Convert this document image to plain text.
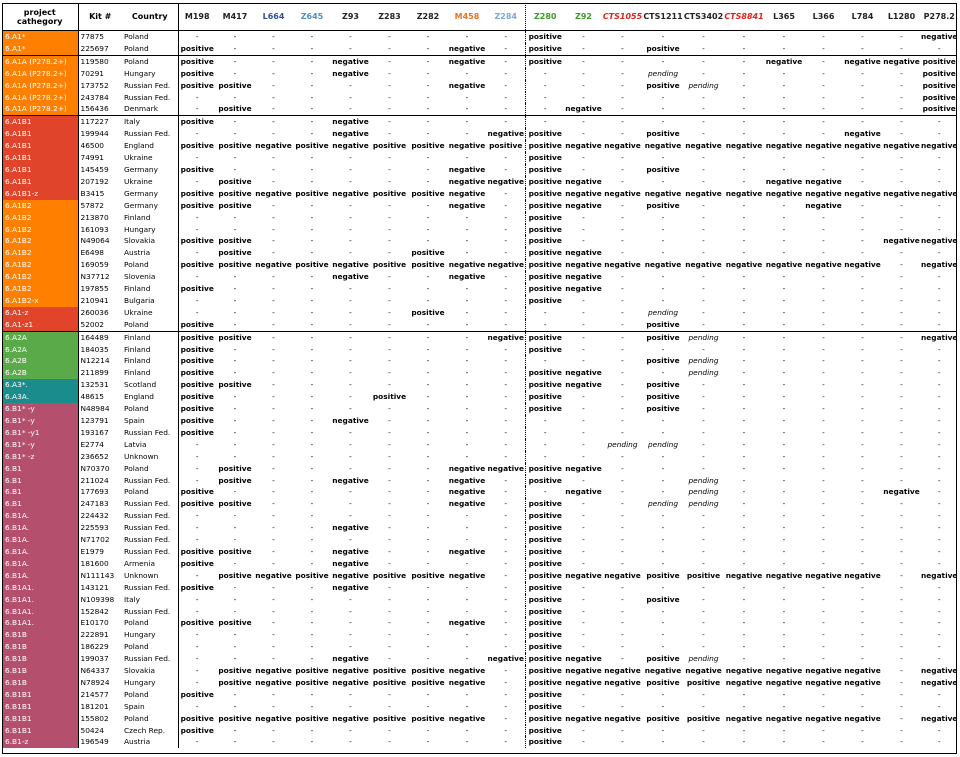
project cathegory	Kit #	Country	M198	M417	L664	Z645	Z93	Z283	Z282	M458	Z284	Z280	Z92	CTS1055	CTS1211	CTS3402	CTS8841	L365	L366	L784	L1280	P278.2
6.A1*	77875	Poland	-	-	-	-	-	-	-	-	-	positive	-	-	-	-	-	-	-	-	-	negative
6.A1*	225697	Poland	positive	-	-	-	-	-	-	negative	-	positive	-	-	positive	-	-	-	-	-	-	-
6.A1A (P278.2+)	119580	Poland	positive	-	-	-	negative	-	-	negative	-	positive	-	-	-	-	-	negative	-	negative	negative	positive
6.A1A (P278.2+)	70291	Hungary	positive	-	-	-	negative	-	-	-	-	-	-	-	pending	-	-	-	-	-	-	positive
6.A1A (P278.2+)	173752	Russian Fed.	positive	positive	-	-	-	-	-	negative	-	-	-	-	positive	pending	-	-	-	-	-	positive
6.A1A (P278.2+)	243784	Russian Fed.	-	-	-	-	-	-	-	-	-	-	-	-	-	-	-	-	-	-	-	positive
6.A1A (P278.2+)	156436	Denmark	-	positive	-	-	-	-	-	-	-	-	negative	-	-	-	-	-	-	-	-	positive
6.A1B1	117227	Italy	positive	-	-	-	negative	-	-	-	-	-	-	-	-	-	-	-	-	-	-	-
6.A1B1	199944	Russian Fed.	-	-	-	-	negative	-	-	-	negative	positive	-	-	positive	-	-	-	-	negative	-	-
6.A1B1	46500	England	positive	positive	negative	positive	negative	positive	positive	negative	positive	positive	negative	negative	negative	negative	negative	negative	negative	negative	negative	negative
6.A1B1	74991	Ukraine	-	-	-	-	-	-	-	-	-	positive	-	-	-	-	-	-	-	-	-	-
6.A1B1	145459	Germany	positive	-	-	-	-	-	-	negative	-	positive	-	-	positive	-	-	-	-	-	-	-
6.A1B1	207192	Ukraine	-	positive	-	-	-	-	-	negative	negative	positive	negative	-	-	-	-	negative	negative	-	-	-
6.A1B1-z	B3415	Germany	positive	positive	negative	positive	negative	positive	positive	negative	-	positive	negative	negative	negative	negative	negative	negative	negative	negative	negative	negative
6.A1B2	57872	Germany	positive	positive	-	-	-	-	-	negative	-	positive	negative	-	positive	-	-	-	negative	-	-	-
6.A1B2	213870	Finland	-	-	-	-	-	-	-	-	-	positive	-	-	-	-	-	-	-	-	-	-
6.A1B2	161093	Hungary	-	-	-	-	-	-	-	-	-	positive	-	-	-	-	-	-	-	-	-	-
6.A1B2	N49064	Slovakia	positive	positive	-	-	-	-	-	-	-	positive	-	-	-	-	-	-	-	-	negative	negative
6.A1B2	E6498	Austria	-	positive	-	-	-	-	positive	-	-	positive	negative	-	-	-	-	-	-	-	-	-
6.A1B2	169059	Poland	positive	positive	negative	positive	negative	positive	positive	negative	negative	positive	negative	negative	negative	negative	negative	negative	negative	negative	-	negative
6.A1B2	N37712	Slovenia	-	-	-	-	negative	-	-	negative	-	positive	negative	-	-	-	-	-	-	-	-	-
6.A1B2	197855	Finland	positive	-	-	-	-	-	-	-	-	positive	negative	-	-	-	-	-	-	-	-	-
6.A1B2-x	210941	Bulgaria	-	-	-	-	-	-	-	-	-	positive	-	-	-	-	-	-	-	-	-	-
6.A1-z	260036	Ukraine	-	-	-	-	-	-	positive	-	-	-	-	-	pending	-	-	-	-	-	-	-
6.A1-z1	52002	Poland	positive	-	-	-	-	-	-	-	-	-	-	-	positive	-	-	-	-	-	-	-
6.A2A	164489	Finland	positive	positive	-	-	-	-	-	-	negative	positive	-	-	positive	pending	-	-	-	-	-	negative
6.A2A	184035	Finland	positive	-	-	-	-	-	-	-	-	positive	-	-	-	-	-	-	-	-	-	-
6.A2B	N12214	Finland	positive	-	-	-	-	-	-	-	-	-	-	-	positive	pending	-	-	-	-	-	-
6.A2B	211899	Finland	positive	-	-	-	-	-	-	-	-	positive	negative	-	-	pending	-	-	-	-	-	-
6.A3*.	132531	Scotland	positive	positive	-	-	-	-	-	-	-	positive	negative	-	positive	-	-	-	-	-	-	-
6.A3A.	48615	England	positive	-	-	-	-	positive	-	-	-	positive	-	-	positive	-	-	-	-	-	-	-
6.B1* -y	N48984	Poland	positive	-	-	-	-	-	-	-	-	positive	-	-	positive	-	-	-	-	-	-	-
6.B1* -y	123791	Spain	positive	-	-	-	negative	-	-	-	-	-	-	-	-	-	-	-	-	-	-	-
6.B1* -y1	193167	Russian Fed.	positive	-	-	-	-	-	-	-	-	-	-	-	-	-	-	-	-	-	-	-
6.B1* -y	E2774	Latvia	-	-	-	-	-	-	-	-	-	-	-	pending	pending	-	-	-	-	-	-	-
6.B1* -z	236652	Unknown	-	-	-	-	-	-	-	-	-	-	-	-	-	-	-	-	-	-	-	-
6.B1	N70370	Poland	-	positive	-	-	-	-	-	negative	negative	positive	negative	-	-	-	-	-	-	-	-	-
6.B1	211024	Russian Fed.	-	positive	-	-	negative	-	-	negative	-	positive	-	-	-	pending	-	-	-	-	-	-
6.B1	177693	Poland	positive	-	-	-	-	-	-	negative	-	-	negative	-	-	pending	-	-	-	-	negative	-
6.B1	247183	Russian Fed.	positive	positive	-	-	-	-	-	negative	-	positive	-	-	pending	pending	-	-	-	-	-	-
6.B1A.	224432	Russian Fed.	-	-	-	-	-	-	-	-	-	positive	-	-	-	-	-	-	-	-	-	-
6.B1A.	225593	Russian Fed.	-	-	-	-	negative	-	-	-	-	positive	-	-	-	-	-	-	-	-	-	-
6.B1A.	N71702	Russian Fed.	-	-	-	-	-	-	-	-	-	positive	-	-	-	-	-	-	-	-	-	-
6.B1A.	E1979	Russian Fed.	positive	positive	-	-	negative	-	-	negative	-	positive	-	-	-	-	-	-	-	-	-	-
6.B1A.	181600	Armenia	positive	-	-	-	negative	-	-	-	-	positive	-	-	-	-	-	-	-	-	-	-
6.B1A.	N111143	Unknown	-	positive	negative	positive	negative	positive	positive	negative	-	positive	negative	negative	positive	positive	negative	negative	negative	negative	-	negative
6.B1A1.	143121	Russian Fed.	positive	-	-	-	negative	-	-	-	-	positive	-	-	-	-	-	-	-	-	-	-
6.B1A1.	N109398	Italy	-	-	-	-	-	-	-	-	-	positive	-	-	positive	-	-	-	-	-	-	-
6.B1A1.	152842	Russian Fed.	-	-	-	-	-	-	-	-	-	positive	-	-	-	-	-	-	-	-	-	-
6.B1A1.	E10170	Poland	positive	positive	-	-	-	-	-	negative	-	positive	-	-	-	-	-	-	-	-	-	-
6.B1B	222891	Hungary	-	-	-	-	-	-	-	-	-	positive	-	-	-	-	-	-	-	-	-	-
6.B1B	186229	Poland	-	-	-	-	-	-	-	-	-	positive	-	-	-	-	-	-	-	-	-	-
6.B1B	199037	Russian Fed.	-	-	-	-	negative	-	-	-	negative	positive	negative	-	positive	pending	-	-	-	-	-	-
6.B1B	N64337	Slovakia	-	positive	negative	positive	negative	positive	positive	negative	-	positive	negative	negative	negative	negative	negative	negative	negative	negative	-	negative
6.B1B	N78924	Hungary	-	positive	negative	positive	negative	positive	positive	negative	-	positive	negative	negative	positive	positive	negative	negative	negative	negative	-	negative
6.B1B1	214577	Poland	positive	-	-	-	-	-	-	-	-	positive	-	-	-	-	-	-	-	-	-	-
6.B1B1	181201	Spain	-	-	-	-	-	-	-	-	-	positive	-	-	-	-	-	-	-	-	-	-
6.B1B1	155802	Poland	positive	positive	negative	positive	negative	positive	positive	negative	-	positive	negative	negative	positive	positive	negative	negative	negative	negative	-	negative
6.B1B1	50424	Czech Rep.	positive	-	-	-	-	-	-	-	-	positive	-	-	-	-	-	-	-	-	-	-
6.B1-z	196549	Austria	-	-	-	-	-	-	-	-	-	positive	-	-	-	-	-	-	-	-	-	-
